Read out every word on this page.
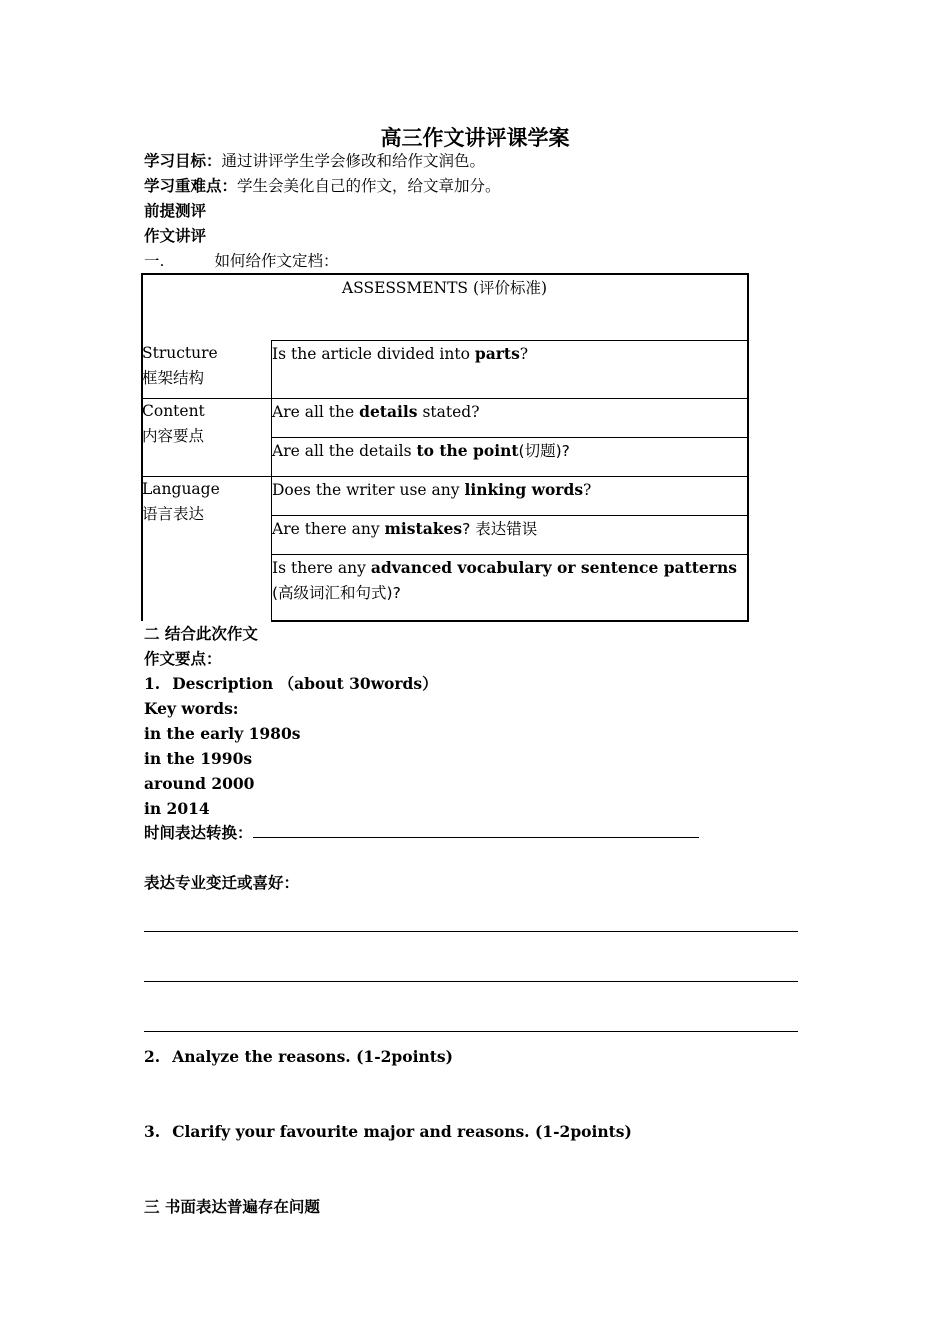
高三作文讲评课学案
学习目标：通过讲评学生学会修改和给作文润色。
学习重难点：学生会美化自己的作文，给文章加分。
前提测评
作文讲评
一.	如何给作文定档：
ASSESSMENTS (评价标准)
Structure
框架结构
Is the article divided into parts?
Content
内容要点
Are all the details stated?
Are all the details to the point(切题)?
Language
语言表达
Does the writer use any linking words?
Are there any mistakes? 表达错误
Is there any advanced vocabulary or sentence patterns (高级词汇和句式)?
二 结合此次作文
作文要点：
1. Description （about 30words）
Key words:
in the early 1980s
in the 1990s
around 2000
in 2014
时间表达转换：
表达专业变迁或喜好：
2. Analyze the reasons. (1-2points)
3. Clarify your favourite major and reasons. (1-2points)
三 书面表达普遍存在问题
